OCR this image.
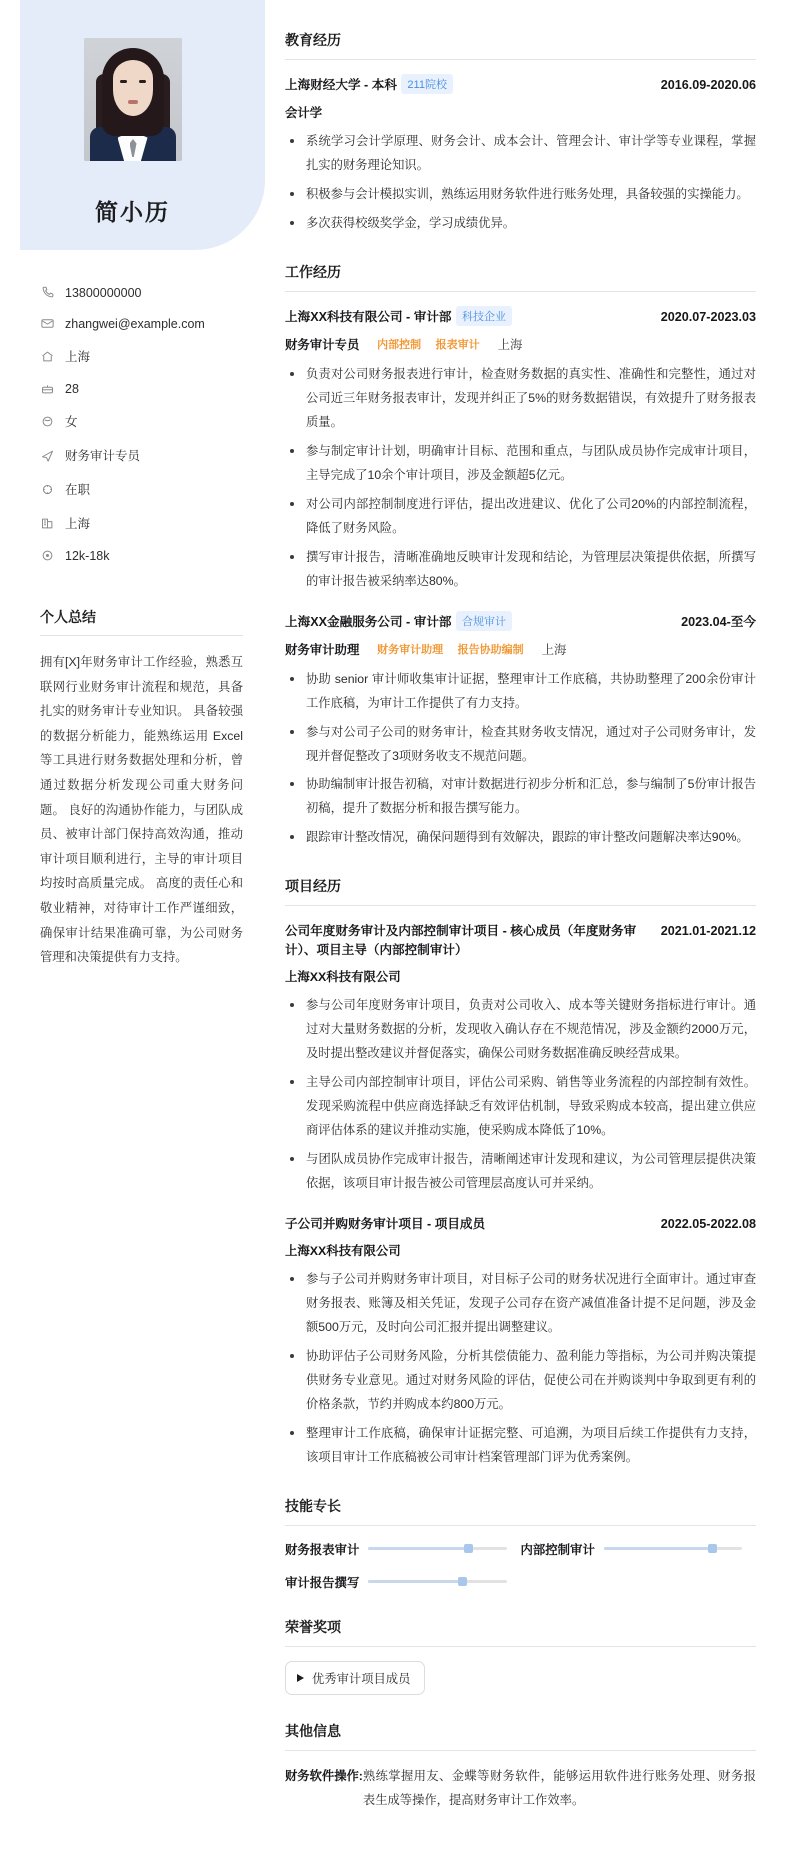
简小历
13800000000
zhangwei@example.com
上海
28
女
财务审计专员
在职
上海
12k-18k
个人总结
拥有[X]年财务审计工作经验，熟悉互联网行业财务审计流程和规范，具备扎实的财务审计专业知识。 具备较强的数据分析能力，能熟练运用 Excel 等工具进行财务数据处理和分析，曾通过数据分析发现公司重大财务问题。 良好的沟通协作能力，与团队成员、被审计部门保持高效沟通，推动审计项目顺利进行，主导的审计项目均按时高质量完成。 高度的责任心和敬业精神，对待审计工作严谨细致，确保审计结果准确可靠，为公司财务管理和决策提供有力支持。
教育经历
上海财经大学 - 本科 211院校	2016.09-2020.06
会计学
系统学习会计学原理、财务会计、成本会计、管理会计、审计学等专业课程，掌握扎实的财务理论知识。
积极参与会计模拟实训，熟练运用财务软件进行账务处理，具备较强的实操能力。
多次获得校级奖学金，学习成绩优异。
工作经历
上海XX科技有限公司 - 审计部 科技企业	2020.07-2023.03
财务审计专员 内部控制 报表审计	上海
负责对公司财务报表进行审计，检查财务数据的真实性、准确性和完整性，通过对公司近三年财务报表审计，发现并纠正了5%的财务数据错误，有效提升了财务报表质量。
参与制定审计计划，明确审计目标、范围和重点，与团队成员协作完成审计项目，主导完成了10余个审计项目，涉及金额超5亿元。
对公司内部控制制度进行评估，提出改进建议、优化了公司20%的内部控制流程，降低了财务风险。
撰写审计报告，清晰准确地反映审计发现和结论，为管理层决策提供依据，所撰写的审计报告被采纳率达80%。
上海XX金融服务公司 - 审计部 合规审计	2023.04-至今
财务审计助理 财务审计助理 报告协助编制	上海
协助 senior 审计师收集审计证据，整理审计工作底稿，共协助整理了200余份审计工作底稿，为审计工作提供了有力支持。
参与对公司子公司的财务审计，检查其财务收支情况，通过对子公司财务审计，发现并督促整改了3项财务收支不规范问题。
协助编制审计报告初稿，对审计数据进行初步分析和汇总，参与编制了5份审计报告初稿，提升了数据分析和报告撰写能力。
跟踪审计整改情况，确保问题得到有效解决，跟踪的审计整改问题解决率达90%。
项目经历
公司年度财务审计及内部控制审计项目 - 核心成员（年度财务审计）、项目主导（内部控制审计）
2021.01-2021.12
上海XX科技有限公司
参与公司年度财务审计项目，负责对公司收入、成本等关键财务指标进行审计。通过对大量财务数据的分析，发现收入确认存在不规范情况，涉及金额约2000万元，及时提出整改建议并督促落实，确保公司财务数据准确反映经营成果。
主导公司内部控制审计项目，评估公司采购、销售等业务流程的内部控制有效性。发现采购流程中供应商选择缺乏有效评估机制，导致采购成本较高，提出建立供应商评估体系的建议并推动实施，使采购成本降低了10%。
与团队成员协作完成审计报告，清晰阐述审计发现和建议，为公司管理层提供决策依据，该项目审计报告被公司管理层高度认可并采纳。
子公司并购财务审计项目 - 项目成员	2022.05-2022.08
上海XX科技有限公司
参与子公司并购财务审计项目，对目标子公司的财务状况进行全面审计。通过审查财务报表、账簿及相关凭证，发现子公司存在资产减值准备计提不足问题，涉及金额500万元，及时向公司汇报并提出调整建议。
协助评估子公司财务风险，分析其偿债能力、盈利能力等指标，为公司并购决策提供财务专业意见。通过对财务风险的评估，促使公司在并购谈判中争取到更有利的价格条款，节约并购成本约800万元。
整理审计工作底稿，确保审计证据完整、可追溯，为项目后续工作提供有力支持，该项目审计工作底稿被公司审计档案管理部门评为优秀案例。
技能专长
财务报表审计	内部控制审计
审计报告撰写
荣誉奖项
优秀审计项目成员
其他信息
财务软件操作: 熟练掌握用友、金蝶等财务软件，能够运用软件进行账务处理、财务报表生成等操作，提高财务审计工作效率。
